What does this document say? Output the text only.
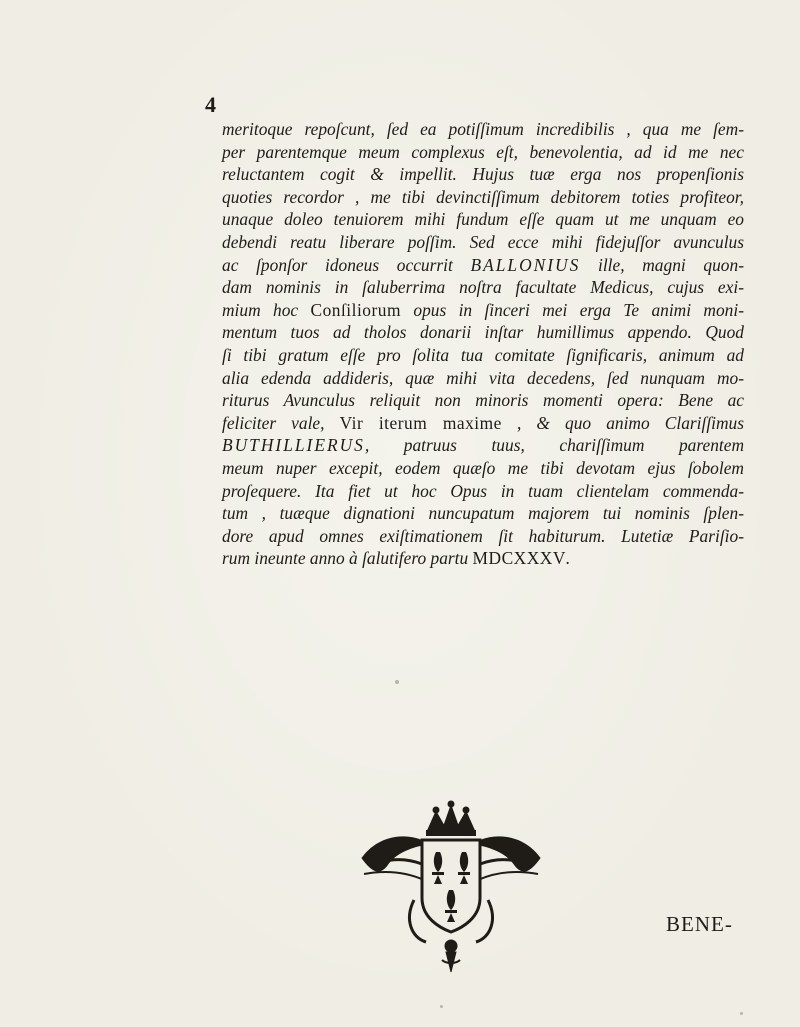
4

meritoque repoſcunt, ſed ea potiſſimum incredibilis , qua me ſem-
per parentemque meum complexus eſt, benevolentia, ad id me nec
reluctantem cogit & impellit. Hujus tuæ erga nos propenſionis
quoties recordor , me tibi devinctiſſimum debitorem toties profiteor,
unaque doleo tenuiorem mihi fundum eſſe quam ut me unquam eo
debendi reatu liberare poſſim. Sed ecce mihi fidejuſſor avunculus
ac ſponſor idoneus occurrit BALLONIUS ille, magni quon-
dam nominis in ſaluberrima noſtra facultate Medicus, cujus exi-
mium hoc Conſiliorum opus in ſinceri mei erga Te animi moni-
mentum tuos ad tholos donarii inſtar humillimus appendo. Quod
ſi tibi gratum eſſe pro ſolita tua comitate ſignificaris, animum ad
alia edenda addideris, quæ mihi vita decedens, ſed nunquam mo-
riturus Avunculus reliquit non minoris momenti opera: Bene ac
feliciter vale, Vir iterum maxime , & quo animo Clariſſimus
BUTHILLIERUS, patruus tuus, chariſſimum parentem
meum nuper excepit, eodem quæſo me tibi devotam ejus ſobolem
proſequere. Ita fiet ut hoc Opus in tuam clientelam commenda-
tum , tuæque dignationi nuncupatum majorem tui nominis ſplen-
dore apud omnes exiſtimationem ſit habiturum. Lutetiæ Pariſio-
rum ineunte anno à ſalutifero partu MDCXXXV.

BENE-
